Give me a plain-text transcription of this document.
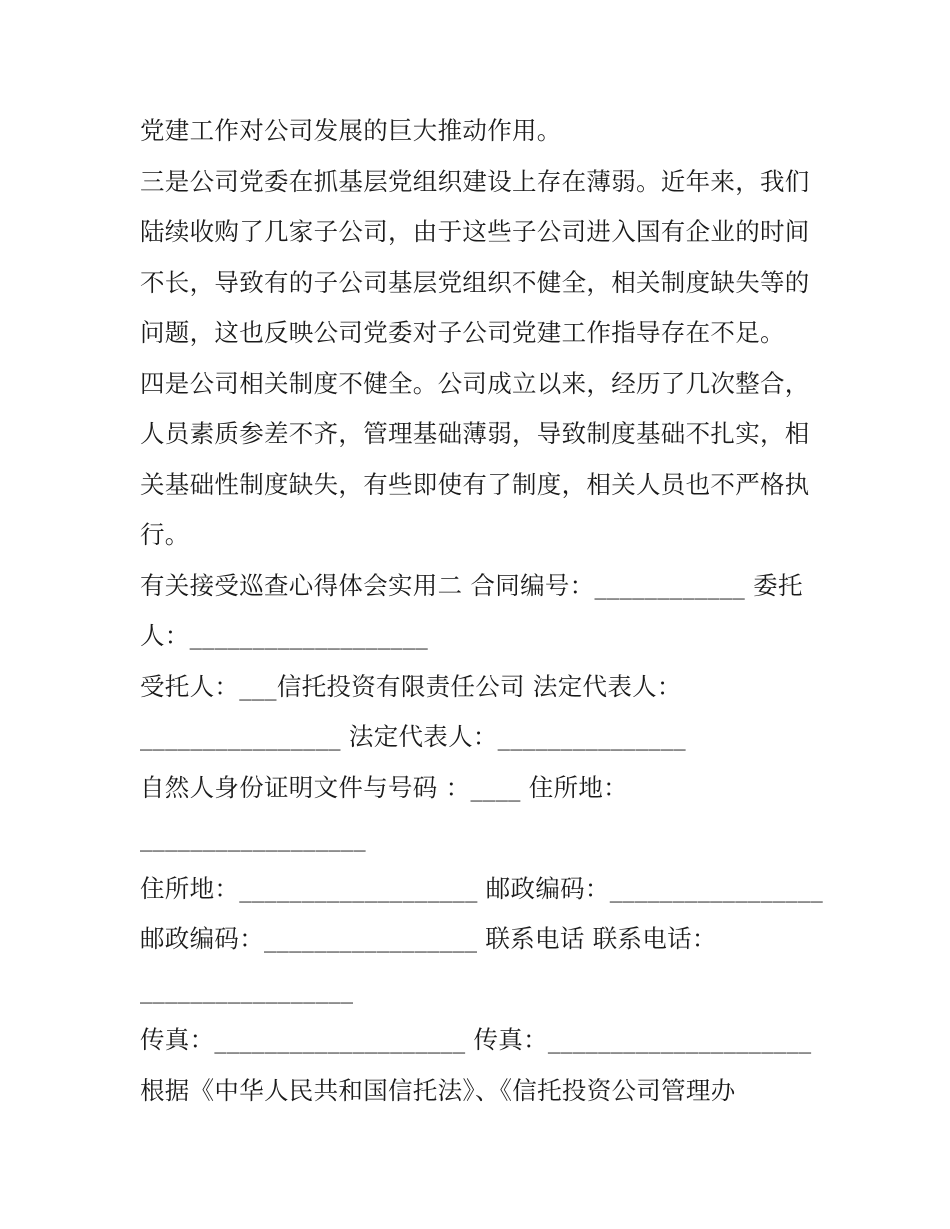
党建工作对公司发展的巨大推动作用。
三是公司党委在抓基层党组织建设上存在薄弱。近年来，我们
陆续收购了几家子公司，由于这些子公司进入国有企业的时间
不长，导致有的子公司基层党组织不健全，相关制度缺失等的
问题，这也反映公司党委对子公司党建工作指导存在不足。
四是公司相关制度不健全。公司成立以来，经历了几次整合，
人员素质参差不齐，管理基础薄弱，导致制度基础不扎实，相
关基础性制度缺失，有些即使有了制度，相关人员也不严格执
行。
有关接受巡查心得体会实用二 合同编号：____________ 委托
人：___________________
受托人：___信托投资有限责任公司 法定代表人：
________________ 法定代表人：_______________
自然人身份证明文件与号码 ：____ 住所地：
__________________
住所地：___________________ 邮政编码：_________________
邮政编码：_________________ 联系电话 联系电话：
_________________
传真：____________________ 传真：_____________________
根据《中华人民共和国信托法》、《信托投资公司管理办
